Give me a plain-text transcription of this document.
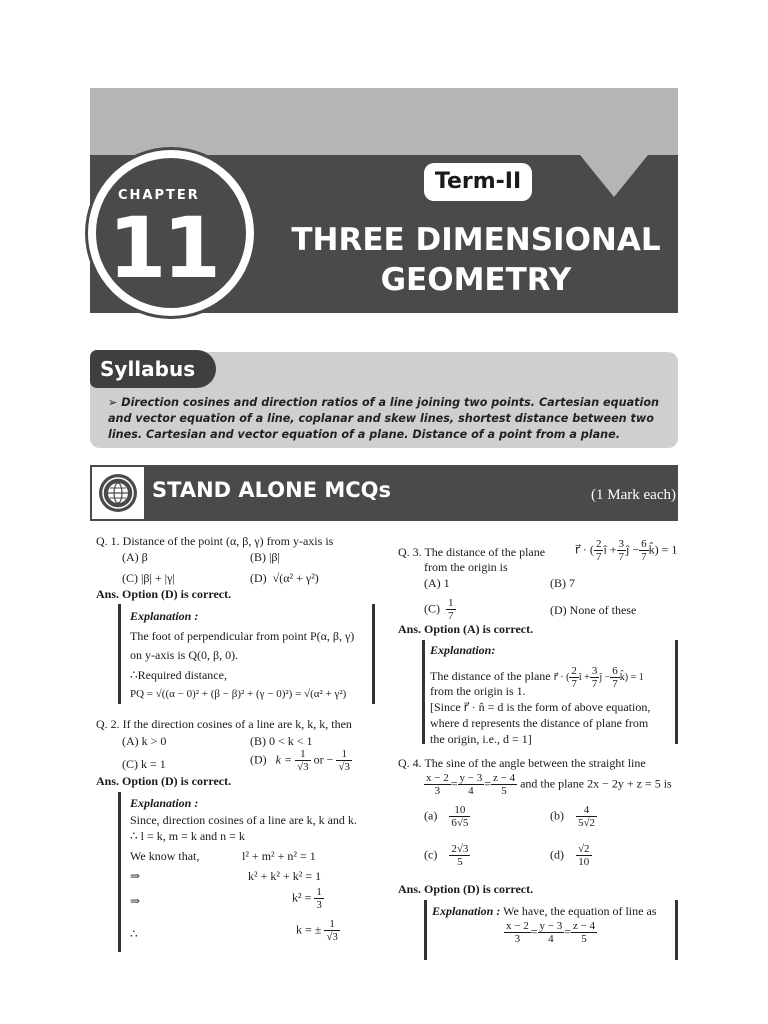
CHAPTER
11
Term-II
THREE DIMENSIONAL
GEOMETRY
Syllabus
➢ Direction cosines and direction ratios of a line joining two points. Cartesian equation and vector equation of a line, coplanar and skew lines, shortest distance between two lines. Cartesian and vector equation of a plane. Distance of a point from a plane.
STAND ALONE MCQs	(1 Mark each)
Q. 1. Distance of the point (α, β, γ) from y-axis is
(A) β	(B) |β|
(C) |β| + |γ|	(D) √(α² + γ²)
Ans. Option (D) is correct.
Explanation :
The foot of perpendicular from point P(α, β, γ)
on y-axis is Q(0, β, 0).
∴Required distance,
PQ = √((α − 0)² + (β − β)² + (γ − 0)²) = √(α² + γ²)
Q. 2. If the direction cosines of a line are k, k, k, then
(A) k > 0	(B) 0 < k < 1
(C) k = 1	(D) $k = \frac{1}{√3}$ or − $\frac{1}{√3}$
Ans. Option (D) is correct.
Explanation :
Since, direction cosines of a line are k, k and k.
∴ l = k, m = k and n = k
We know that,	l² + m² + n² = 1
⇒	k² + k² + k² = 1
⇒	$k^2 = \frac{1}{3}$
∴	k = ± $\frac{1}{√3}$
Q. 3. The distance of the plane r⃗ · ( $\frac{2}{7}$ î + $\frac{3}{7}$ ĵ − $\frac{6}{7}$ k̂) = 1
from the origin is
(A) 1	(B) 7
$(C) \frac{1}{7}$	(D) None of these
Ans. Option (A) is correct.
Explanation:
The distance of the plane r⃗ · ( $\frac{2}{7}$ î + $\frac{3}{7}$ ĵ − $\frac{6}{7}$ k̂) = 1
from the origin is 1.
[Since r⃗ · n̂ = d is the form of above equation,
where d represents the distance of plane from
the origin, i.e., d = 1]
Q. 4. The sine of the angle between the straight line
$\frac{x - 2}{3} = \frac{y - 3}{4} = \frac{z - 4}{5}$ and the plane 2x − 2y + z = 5 is
$(a) \frac{10}{6√5}$	$(b) \frac{4}{5√2}$
$(c) \frac{2√3}{5}$	$(d) \frac{√2}{10}$
Ans. Option (D) is correct.
Explanation : We have, the equation of line as
$\frac{x - 2}{3} = \frac{y - 3}{4} = \frac{z - 4}{5}$
